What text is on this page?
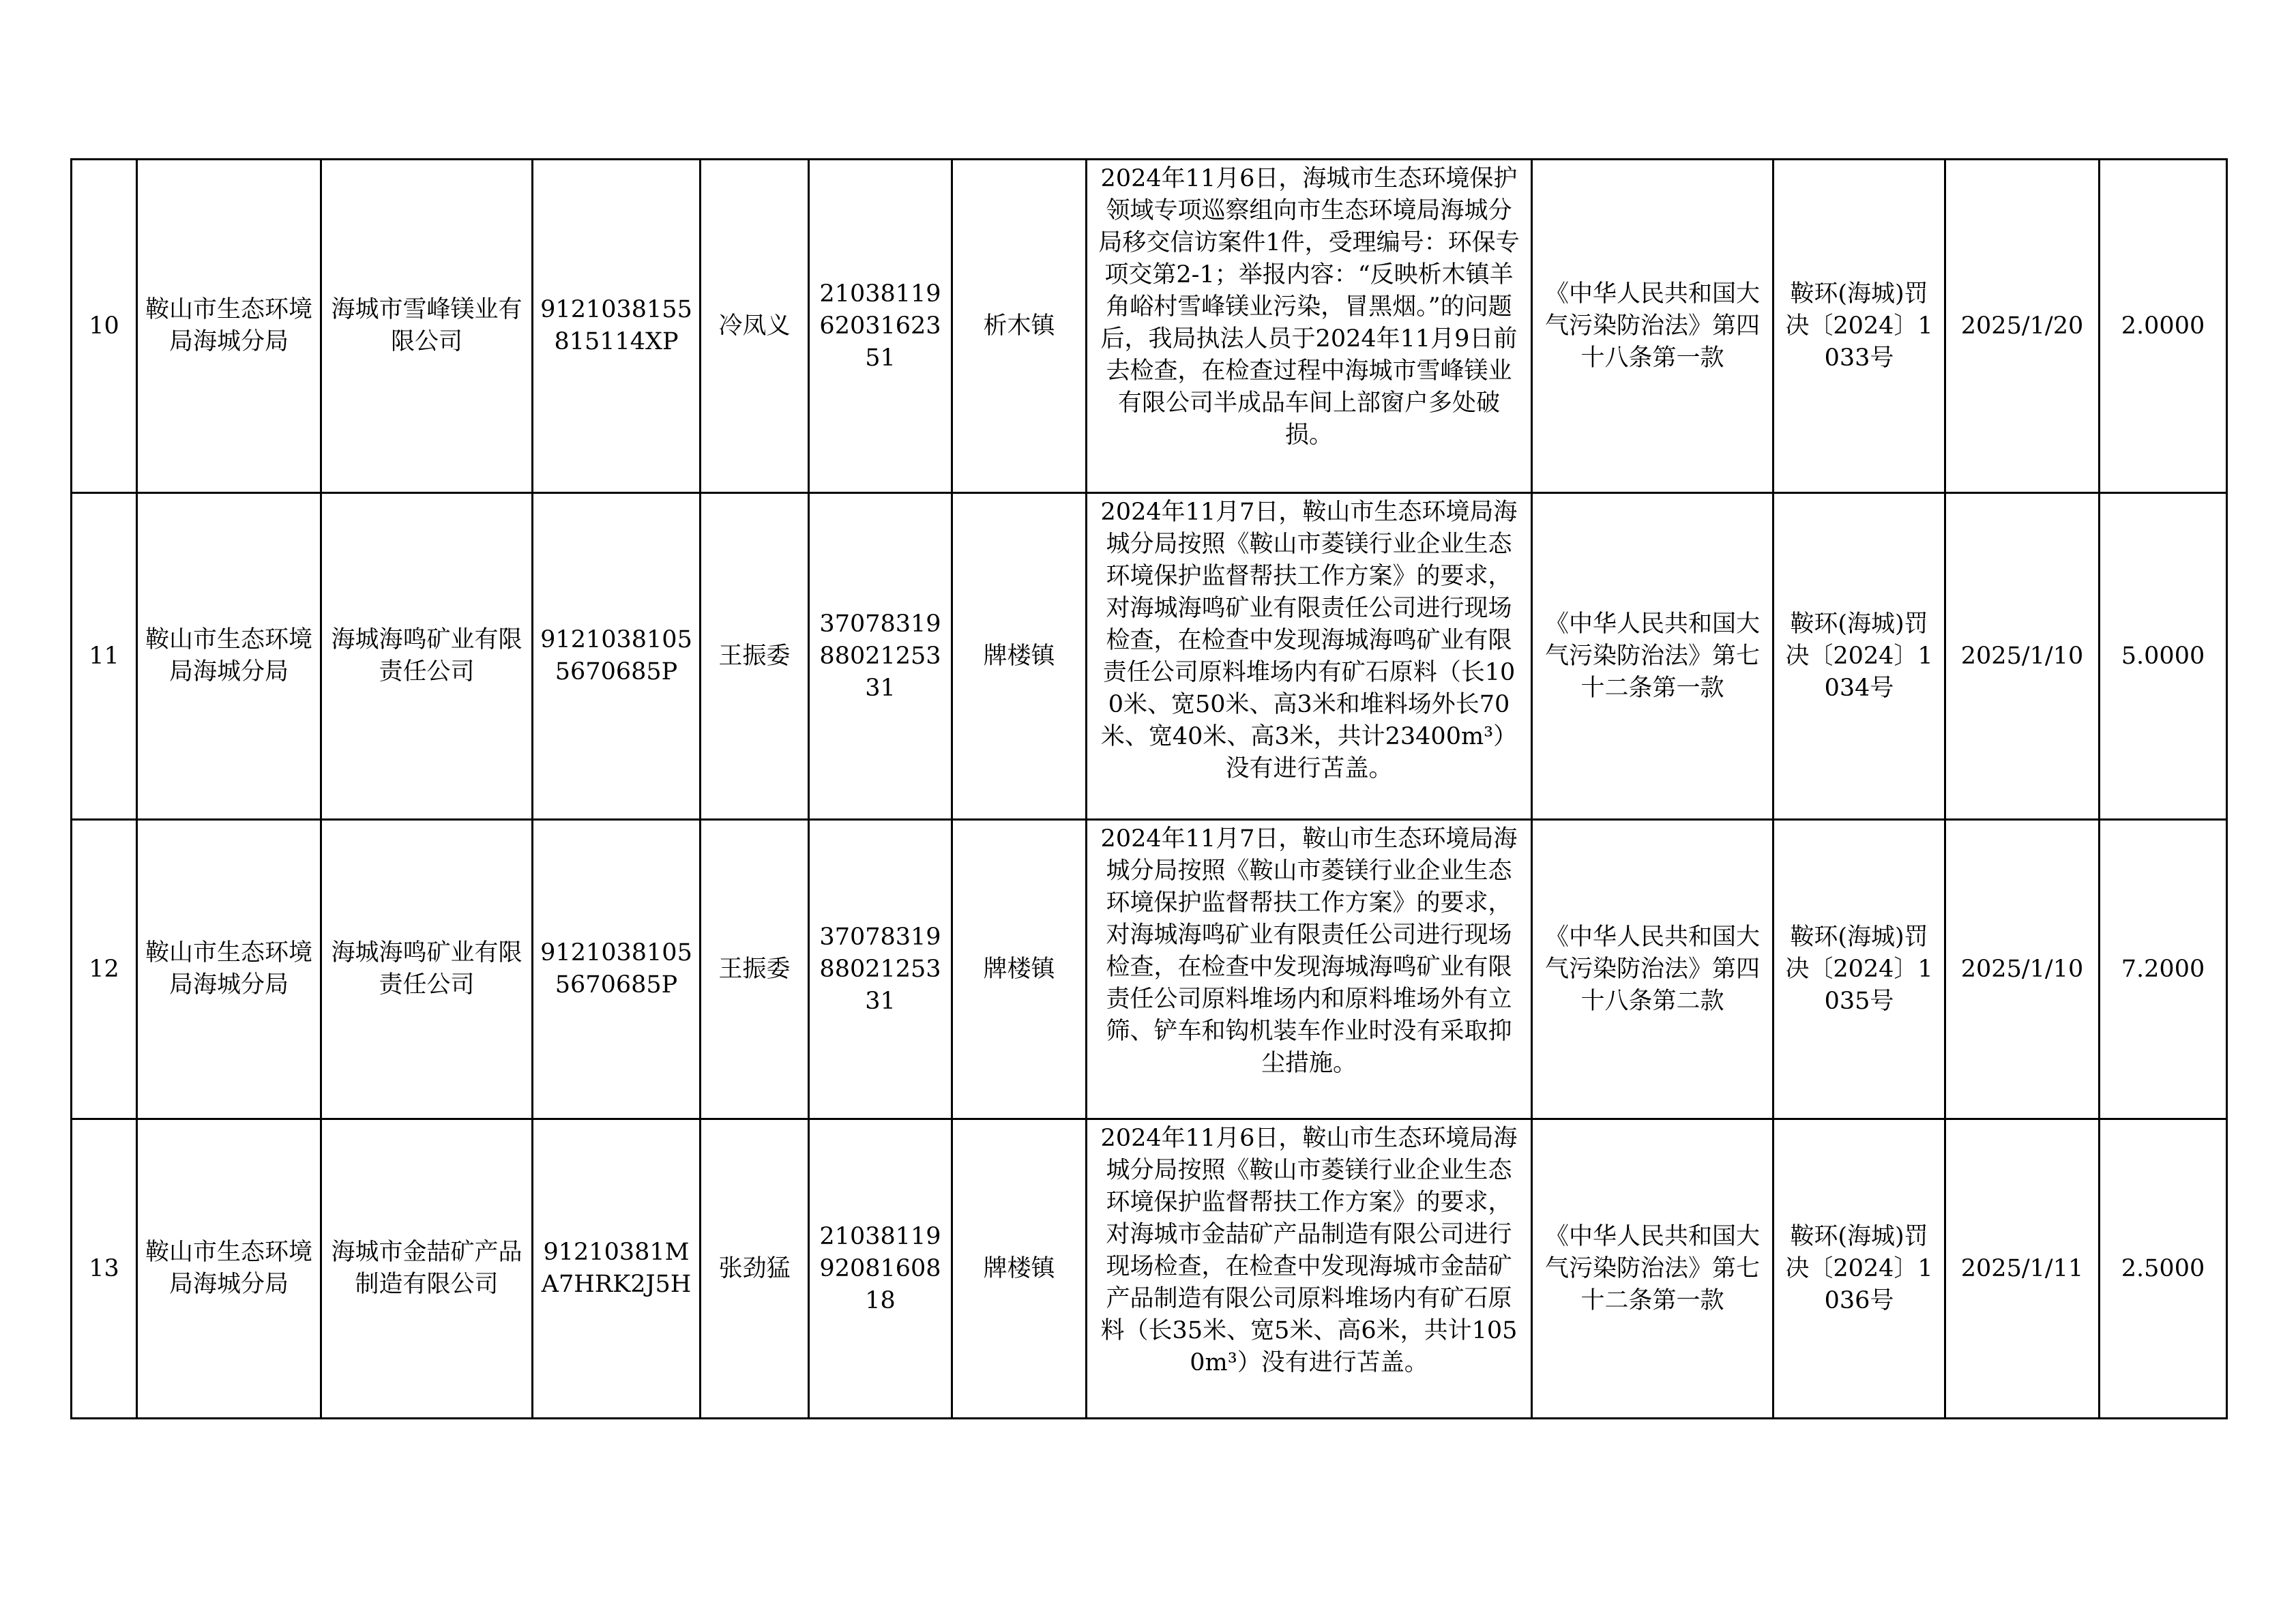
10	鞍山市生态环境局海城分局	海城市雪峰镁业有限公司	9121038155815114XP	冷凤义	210381196203162351	析木镇	2024年11月6日，海城市生态环境保护领域专项巡察组向市生态环境局海城分局移交信访案件1件，受理编号：环保专项交第2-1；举报内容：“反映析木镇羊角峪村雪峰镁业污染，冒黑烟。”的问题后，我局执法人员于2024年11月9日前去检查，在检查过程中海城市雪峰镁业有限公司半成品车间上部窗户多处破损。	《中华人民共和国大气污染防治法》第四十八条第一款	鞍环(海城)罚决〔2024〕1033号	2025/1/20	2.0000
11	鞍山市生态环境局海城分局	海城海鸣矿业有限责任公司	91210381055670685P	王振委	370783198802125331	牌楼镇	2024年11月7日，鞍山市生态环境局海城分局按照《鞍山市菱镁行业企业生态环境保护监督帮扶工作方案》的要求，对海城海鸣矿业有限责任公司进行现场检查，在检查中发现海城海鸣矿业有限责任公司原料堆场内有矿石原料（长100米、宽50米、高3米和堆料场外长70米、宽40米、高3米，共计23400m³）没有进行苫盖。	《中华人民共和国大气污染防治法》第七十二条第一款	鞍环(海城)罚决〔2024〕1034号	2025/1/10	5.0000
12	鞍山市生态环境局海城分局	海城海鸣矿业有限责任公司	91210381055670685P	王振委	370783198802125331	牌楼镇	2024年11月7日，鞍山市生态环境局海城分局按照《鞍山市菱镁行业企业生态环境保护监督帮扶工作方案》的要求，对海城海鸣矿业有限责任公司进行现场检查，在检查中发现海城海鸣矿业有限责任公司原料堆场内和原料堆场外有立筛、铲车和钩机装车作业时没有采取抑尘措施。	《中华人民共和国大气污染防治法》第四十八条第二款	鞍环(海城)罚决〔2024〕1035号	2025/1/10	7.2000
13	鞍山市生态环境局海城分局	海城市金喆矿产品制造有限公司	91210381MA7HRK2J5H	张劲猛	210381199208160818	牌楼镇	2024年11月6日，鞍山市生态环境局海城分局按照《鞍山市菱镁行业企业生态环境保护监督帮扶工作方案》的要求，对海城市金喆矿产品制造有限公司进行现场检查，在检查中发现海城市金喆矿产品制造有限公司原料堆场内有矿石原料（长35米、宽5米、高6米，共计1050m³）没有进行苫盖。	《中华人民共和国大气污染防治法》第七十二条第一款	鞍环(海城)罚决〔2024〕1036号	2025/1/11	2.5000
